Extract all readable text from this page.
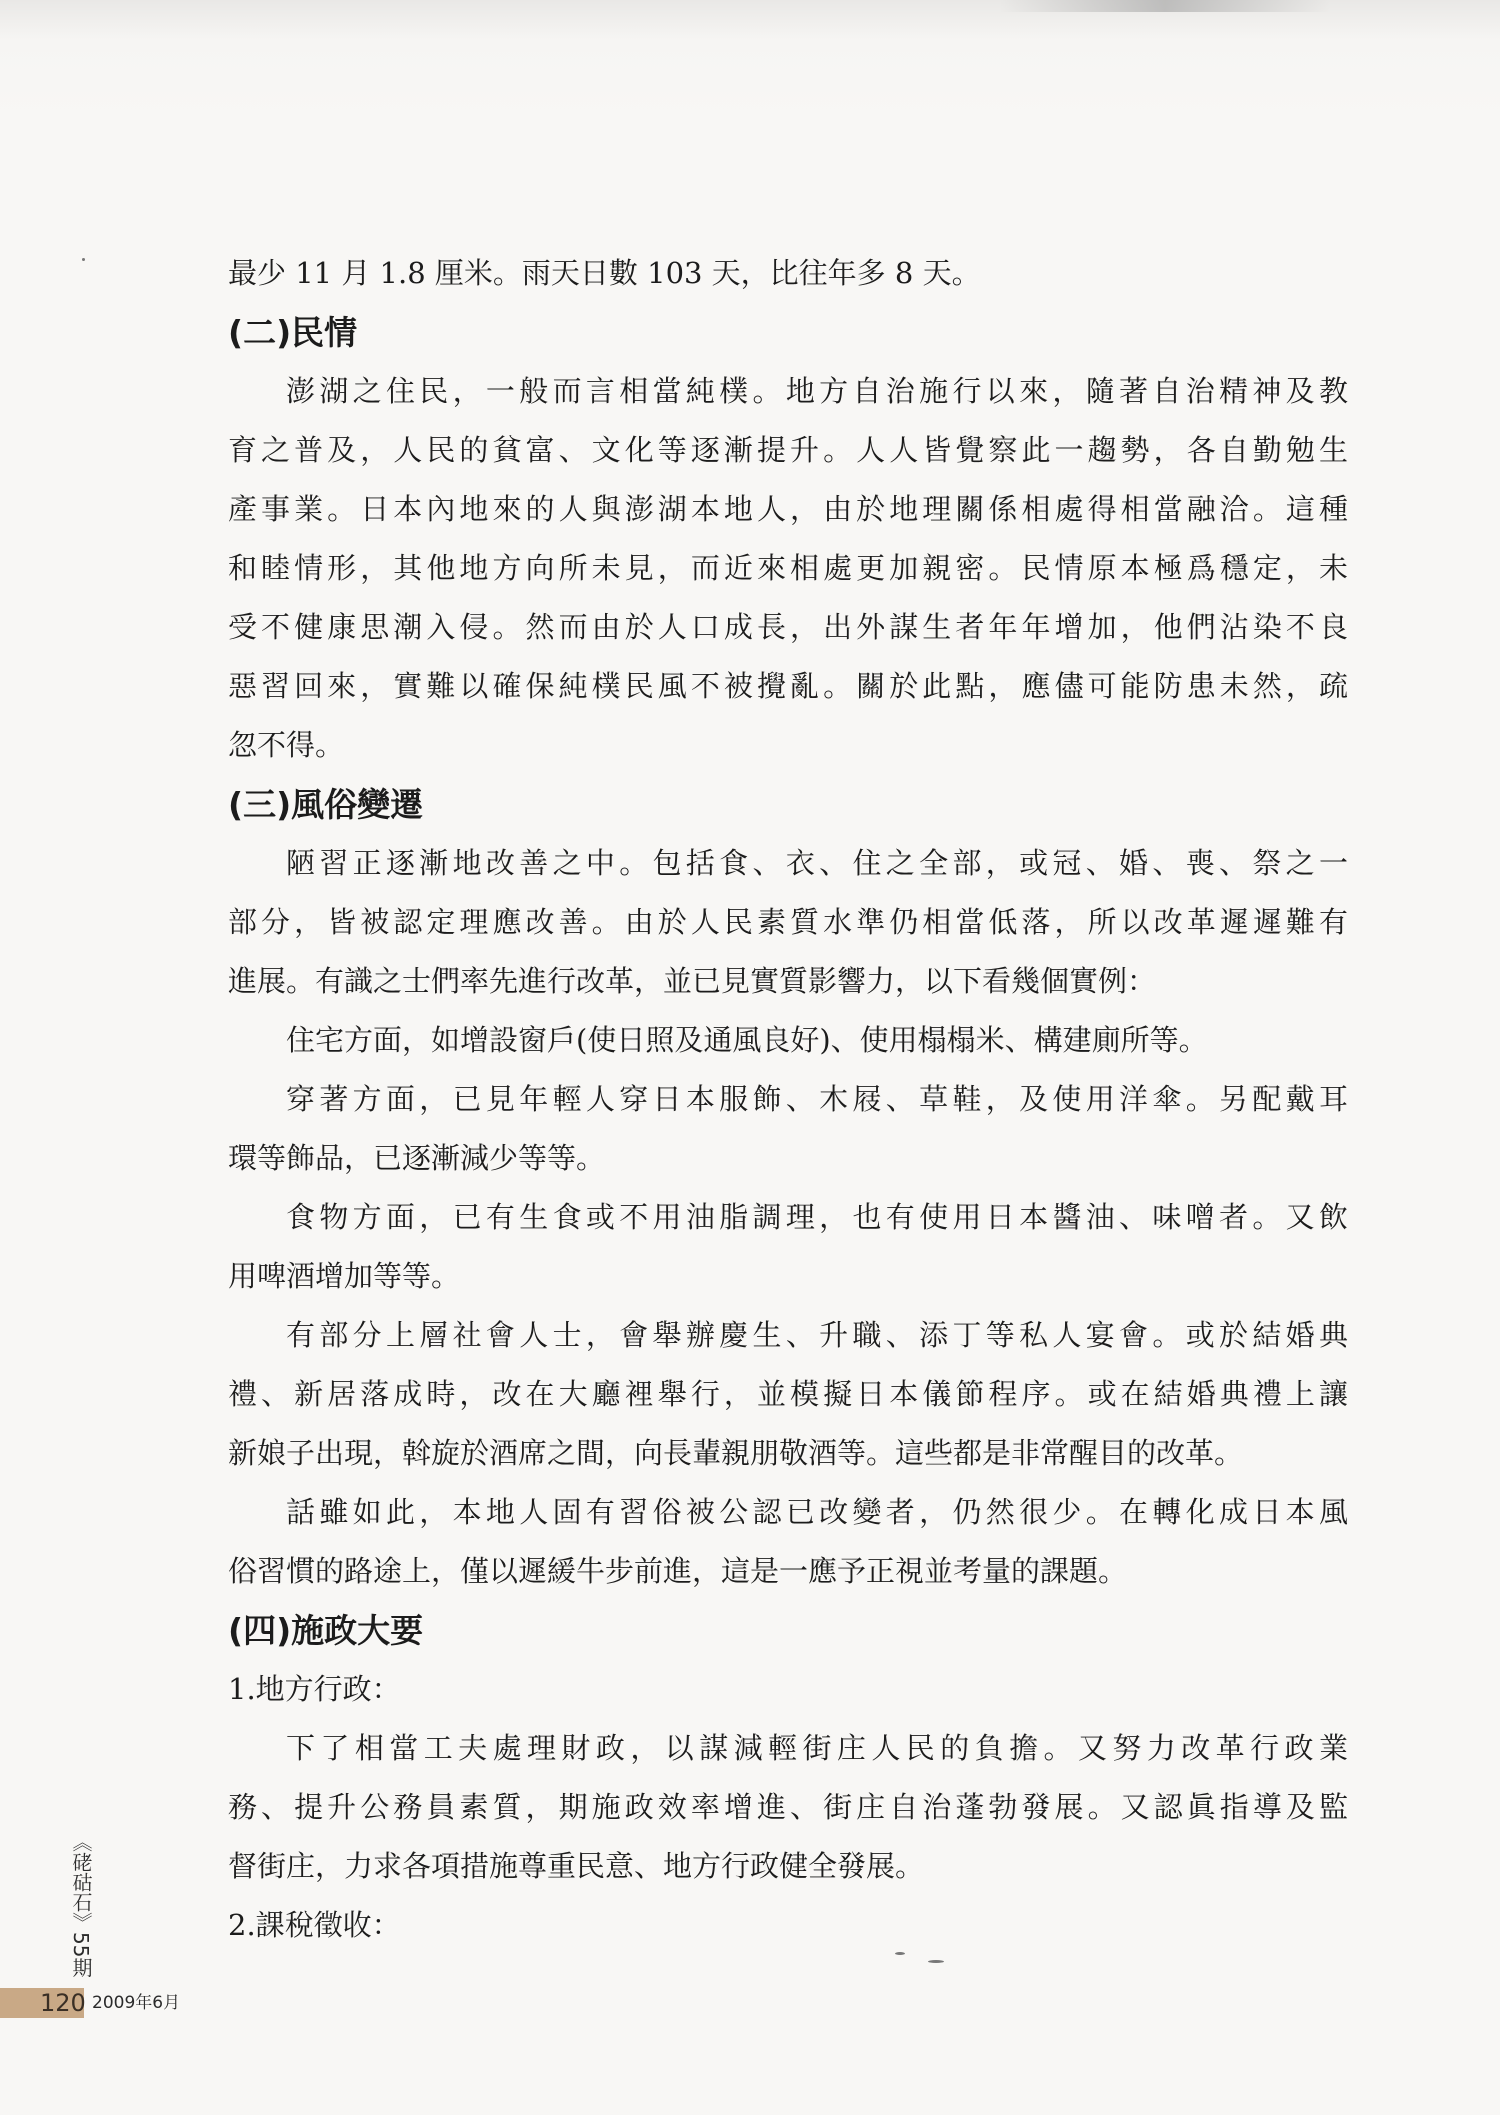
最少 11 月 1.8 厘米。雨天日數 103 天，比往年多 8 天。

(二)民情

澎湖之住民，一般而言相當純樸。地方自治施行以來，隨著自治精神及教

育之普及，人民的貧富、文化等逐漸提升。人人皆覺察此一趨勢，各自勤勉生

產事業。日本內地來的人與澎湖本地人，由於地理關係相處得相當融洽。這種

和睦情形，其他地方向所未見，而近來相處更加親密。民情原本極爲穩定，未

受不健康思潮入侵。然而由於人口成長，出外謀生者年年增加，他們沾染不良

惡習回來，實難以確保純樸民風不被攪亂。關於此點，應儘可能防患未然，疏

忽不得。

(三)風俗變遷

陋習正逐漸地改善之中。包括食、衣、住之全部，或冠、婚、喪、祭之一

部分，皆被認定理應改善。由於人民素質水準仍相當低落，所以改革遲遲難有

進展。有識之士們率先進行改革，並已見實質影響力，以下看幾個實例：

住宅方面，如增設窗戶(使日照及通風良好)、使用榻榻米、構建廁所等。

穿著方面，已見年輕人穿日本服飾、木屐、草鞋，及使用洋傘。另配戴耳

環等飾品，已逐漸減少等等。

食物方面，已有生食或不用油脂調理，也有使用日本醬油、味噌者。又飲

用啤酒增加等等。

有部分上層社會人士，會舉辦慶生、升職、添丁等私人宴會。或於結婚典

禮、新居落成時，改在大廳裡舉行，並模擬日本儀節程序。或在結婚典禮上讓

新娘子出現，斡旋於酒席之間，向長輩親朋敬酒等。這些都是非常醒目的改革。

話雖如此，本地人固有習俗被公認已改變者，仍然很少。在轉化成日本風

俗習慣的路途上，僅以遲緩牛步前進，這是一應予正視並考量的課題。

(四)施政大要

1.地方行政：

下了相當工夫處理財政，以謀減輕街庄人民的負擔。又努力改革行政業

務、提升公務員素質，期施政效率增進、街庄自治蓬勃發展。又認眞指導及監

督街庄，力求各項措施尊重民意、地方行政健全發展。

2.課稅徵收：

《硓𥑮石》55期
120 2009年6月
